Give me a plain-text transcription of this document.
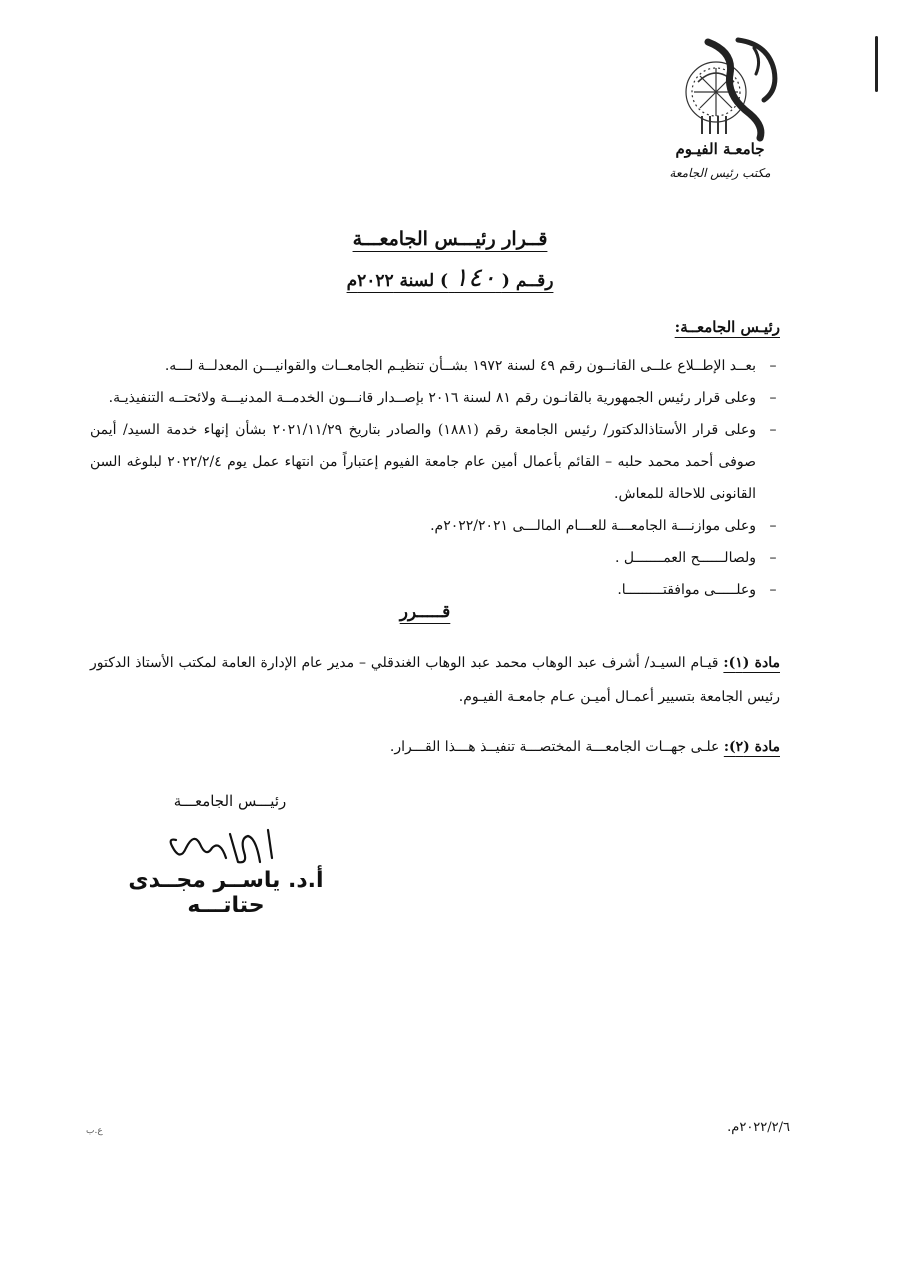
جامعـة الفيـوم
مكتب رئيس الجامعة
قــرار رئيـــس الجامعـــة
رقــم ( ١٤٠ ) لسنة ٢٠٢٢م
رئيـس الجامعــة:
–
بعــد الإطــلاع علــى القانــون رقم ٤٩ لسنة ١٩٧٢ بشــأن تنظيـم الجامعــات والقوانيـــن المعدلــة لـــه.
–
وعلى قرار رئيس الجمهورية بالقانـون رقم ٨١ لسنة ٢٠١٦ بإصــدار قانـــون الخدمــة المدنيـــة ولائحتــه التنفيذيـة.
–
وعلى قرار الأستاذالدكتور/ رئيس الجامعة رقم (١٨٨١) والصادر بتاريخ ٢٠٢١/١١/٢٩ بشأن إنهاء خدمة السيد/ أيمن صوفى أحمد محمد حلبه – القائم بأعمال أمين عام جامعة الفيوم إعتباراً من انتهاء عمل يوم ٢٠٢٢/٢/٤ لبلوغه السن القانونى للاحالة للمعاش.
–
وعلى موازنـــة الجامعـــة للعـــام المالـــى ٢٠٢٢/٢٠٢١م.
–
ولصالــــــح العمـــــــل .
–
وعلـــــى موافقتـــــــــا.
قـــــرر
مادة (١): قيـام السيـد/ أشرف عبد الوهاب محمد عبد الوهاب الغندقلي – مدير عام الإدارة العامة لمكتب الأستاذ الدكتور رئيس الجامعة بتسيير أعمـال أميـن عـام جامعـة الفيـوم.
مادة (٢): علـى جهــات الجامعـــة المختصـــة تنفيــذ هـــذا القـــرار.
رئيـــس الجامعـــة
أ.د. ياســر مجــدى حتاتـــه
٢٠٢٢/٢/٦م.
ع.ب
